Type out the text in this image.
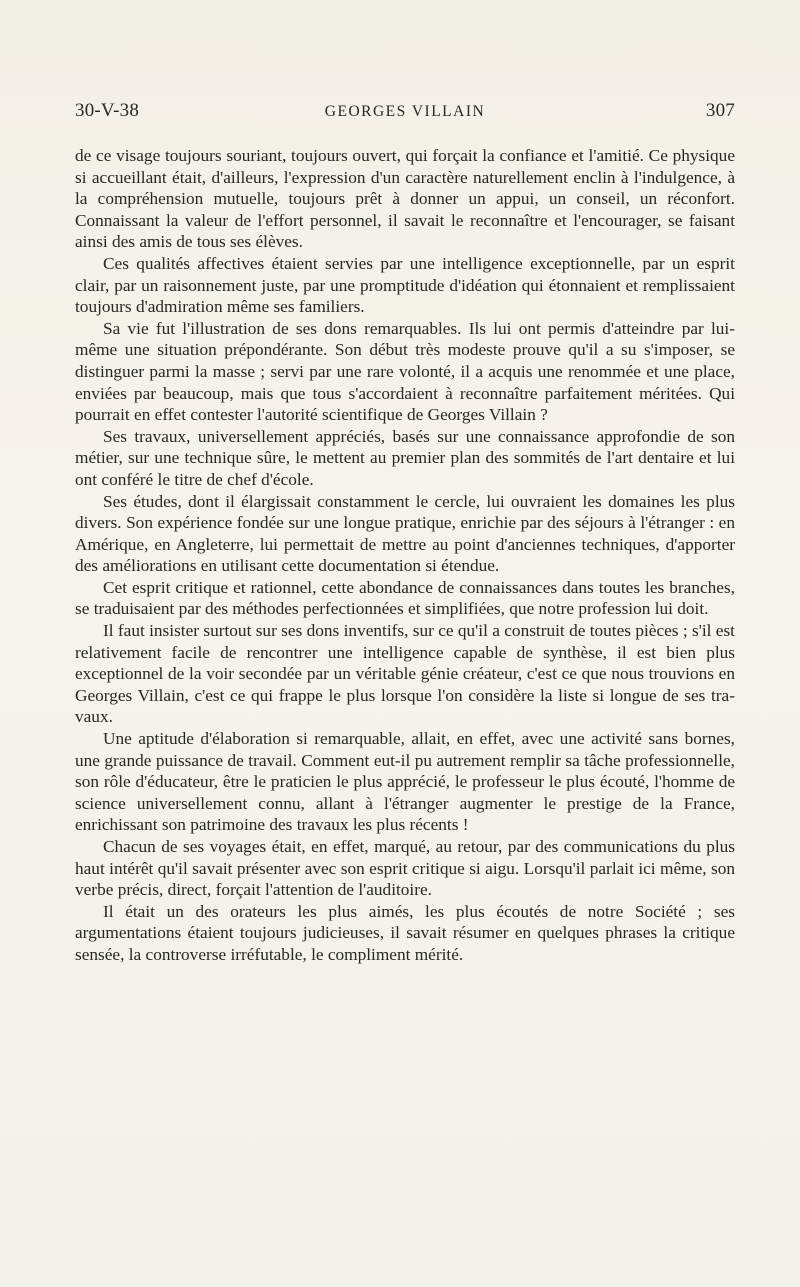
30-V-38	GEORGES VILLAIN	307

de ce visage toujours souriant, toujours ouvert, qui forçait la confiance et l'amitié. Ce physique si accueillant était, d'ailleurs, l'expression d'un caractère naturellement enclin à l'indulgence, à la compréhension mutuelle, toujours prêt à donner un appui, un conseil, un réconfort. Connaissant la valeur de l'effort personnel, il savait le reconnaître et l'encourager, se faisant ainsi des amis de tous ses élèves.

Ces qualités affectives étaient servies par une intelligence exceptionnelle, par un esprit clair, par un raisonnement juste, par une promptitude d'idéation qui étonnaient et remplissaient toujours d'admiration même ses familiers.

Sa vie fut l'illustration de ses dons remarquables. Ils lui ont permis d'atteindre par lui-même une situation prépondérante. Son début très modeste prouve qu'il a su s'imposer, se distinguer parmi la masse ; servi par une rare volonté, il a acquis une renommée et une place, enviées par beaucoup, mais que tous s'accordaient à reconnaître parfaitement méritées. Qui pourrait en effet contester l'autorité scientifique de Georges Villain ?

Ses travaux, universellement appréciés, basés sur une connaissance approfondie de son métier, sur une technique sûre, le mettent au premier plan des sommités de l'art dentaire et lui ont conféré le titre de chef d'école.

Ses études, dont il élargissait constamment le cercle, lui ouvraient les domaines les plus divers. Son expérience fondée sur une longue pratique, enrichie par des séjours à l'étranger : en Amérique, en Angleterre, lui permettait de mettre au point d'anciennes techniques, d'apporter des améliorations en utilisant cette documentation si étendue.

Cet esprit critique et rationnel, cette abondance de connaissances dans toutes les branches, se traduisaient par des méthodes perfectionnées et simplifiées, que notre profession lui doit.

Il faut insister surtout sur ses dons inventifs, sur ce qu'il a construit de toutes pièces ; s'il est relativement facile de rencontrer une intelligence capable de synthèse, il est bien plus exceptionnel de la voir secondée par un véritable génie créateur, c'est ce que nous trouvions en Georges Villain, c'est ce qui frappe le plus lorsque l'on considère la liste si longue de ses travaux.

Une aptitude d'élaboration si remarquable, allait, en effet, avec une activité sans bornes, une grande puissance de travail. Comment eut-il pu autrement remplir sa tâche professionnelle, son rôle d'éducateur, être le praticien le plus apprécié, le professeur le plus écouté, l'homme de science universellement connu, allant à l'étranger augmenter le prestige de la France, enrichissant son patrimoine des travaux les plus récents !

Chacun de ses voyages était, en effet, marqué, au retour, par des communications du plus haut intérêt qu'il savait présenter avec son esprit critique si aigu. Lorsqu'il parlait ici même, son verbe précis, direct, forçait l'attention de l'auditoire.

Il était un des orateurs les plus aimés, les plus écoutés de notre Société ; ses argumentations étaient toujours judicieuses, il savait résumer en quelques phrases la critique sensée, la controverse irréfutable, le compliment mérité.
